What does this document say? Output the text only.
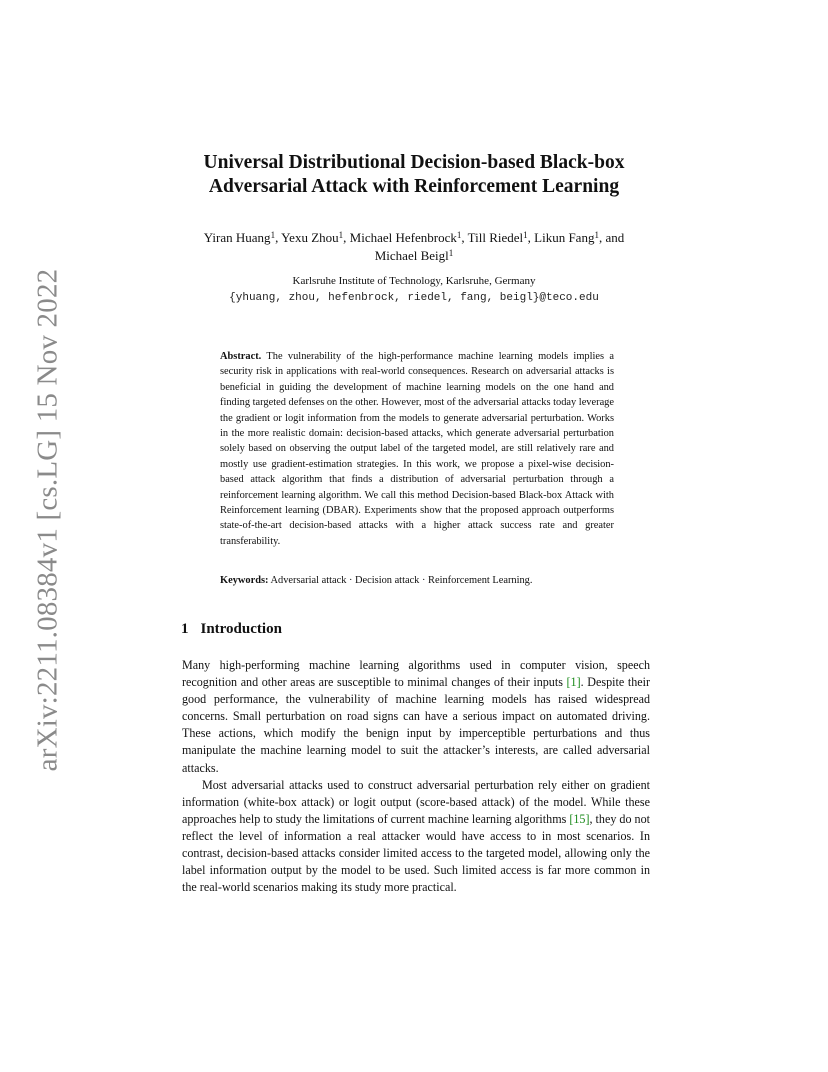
arXiv:2211.08384v1 [cs.LG] 15 Nov 2022
Universal Distributional Decision-based Black-box
Adversarial Attack with Reinforcement Learning
Yiran Huang$^1$, Yexu Zhou$^1$, Michael Hefenbrock$^1$, Till Riedel$^1$, Likun Fang$^1$, and
Michael Beigl$^1$
Karlsruhe Institute of Technology, Karlsruhe, Germany
{yhuang, zhou, hefenbrock, riedel, fang, beigl}@teco.edu
Abstract. The vulnerability of the high-performance machine learning models implies a security risk in applications with real-world consequences. Research on adversarial attacks is beneficial in guiding the development of machine learning models on the one hand and finding targeted defenses on the other. However, most of the adversarial attacks today leverage the gradient or logit information from the models to generate adversarial perturbation. Works in the more realistic domain: decision-based attacks, which generate adversarial perturbation solely based on observing the output label of the targeted model, are still relatively rare and mostly use gradient-estimation strategies. In this work, we propose a pixel-wise decision-based attack algorithm that finds a distribution of adversarial perturbation through a reinforcement learning algorithm. We call this method Decision-based Black-box Attack with Reinforcement learning (DBAR). Experiments show that the proposed approach outperforms state-of-the-art decision-based attacks with a higher attack success rate and greater transferability.
Keywords: Adversarial attack · Decision attack · Reinforcement Learning.
1 Introduction

Many high-performing machine learning algorithms used in computer vision, speech recognition and other areas are susceptible to minimal changes of their inputs [1]. Despite their good performance, the vulnerability of machine learning models has raised widespread concerns. Small perturbation on road signs can have a serious impact on automated driving. These actions, which modify the benign input by imperceptible perturbations and thus manipulate the machine learning model to suit the attacker’s interests, are called adversarial attacks.

Most adversarial attacks used to construct adversarial perturbation rely either on gradient information (white-box attack) or logit output (score-based attack) of the model. While these approaches help to study the limitations of current machine learning algorithms [15], they do not reflect the level of information a real attacker would have access to in most scenarios. In contrast, decision-based attacks consider limited access to the targeted model, allowing only the label information output by the model to be used. Such limited access is far more common in the real-world scenarios making its study more practical.
